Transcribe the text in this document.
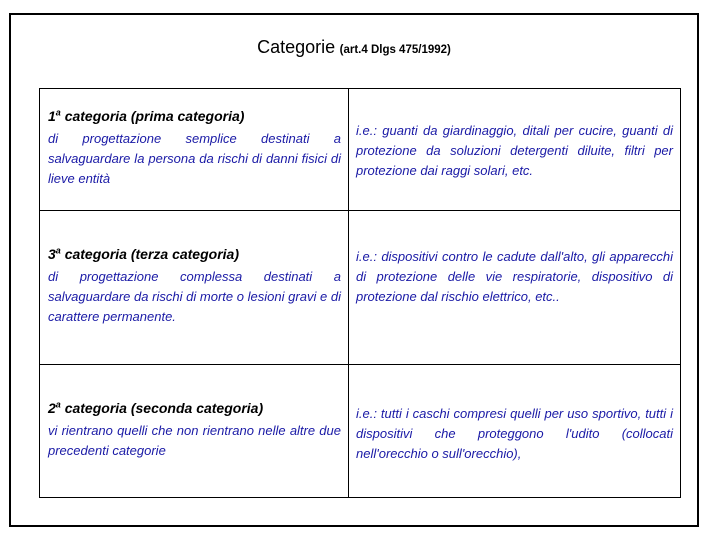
Categorie (art.4 Dlgs 475/1992)
1$^a$ categoria (prima categoria)

di progettazione semplice destinati a salvaguardare la persona da rischi di danni fisici di lieve entità	i.e.: guanti da giardinaggio, ditali per cucire, guanti di protezione da soluzioni detergenti diluite, filtri per protezione dai raggi solari, etc.

3$^a$ categoria (terza categoria)

di progettazione complessa destinati a salvaguardare da rischi di morte o lesioni gravi e di carattere permanente.	i.e.: dispositivi contro le cadute dall'alto, gli apparecchi di protezione delle vie respiratorie, dispositivo di protezione dal rischio elettrico, etc..

2$^a$ categoria (seconda categoria)

vi rientrano quelli che non rientrano nelle altre due precedenti categorie	i.e.: tutti i caschi compresi quelli per uso sportivo, tutti i dispositivi che proteggono l'udito (collocati nell'orecchio o sull'orecchio),
